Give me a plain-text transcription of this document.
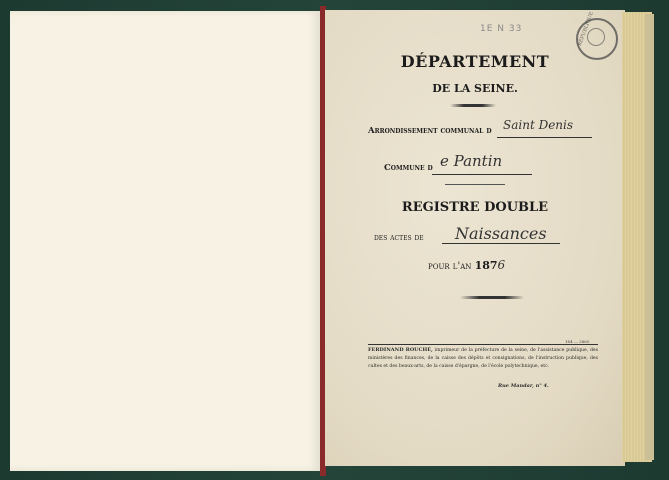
1E N 33	RÉPUBLIQUE
DÉPARTEMENT
DE LA SEINE.
Arrondissement communal d Saint Denis
Commune d e Pantin
REGISTRE DOUBLE
des actes de Naissances
pour l'an 1876
184 — 3865
FERDINAND ROUCHÉ, imprimeur de la préfecture de la seine, de l'assistance publique, des ministères des finances, de la caisse des dépôts et consignations, de l'instruction publique, des cultes et des beaux-arts, de la caisse d'épargne, de l'école polytechnique, etc.
Rue Mandar, n° 4.
